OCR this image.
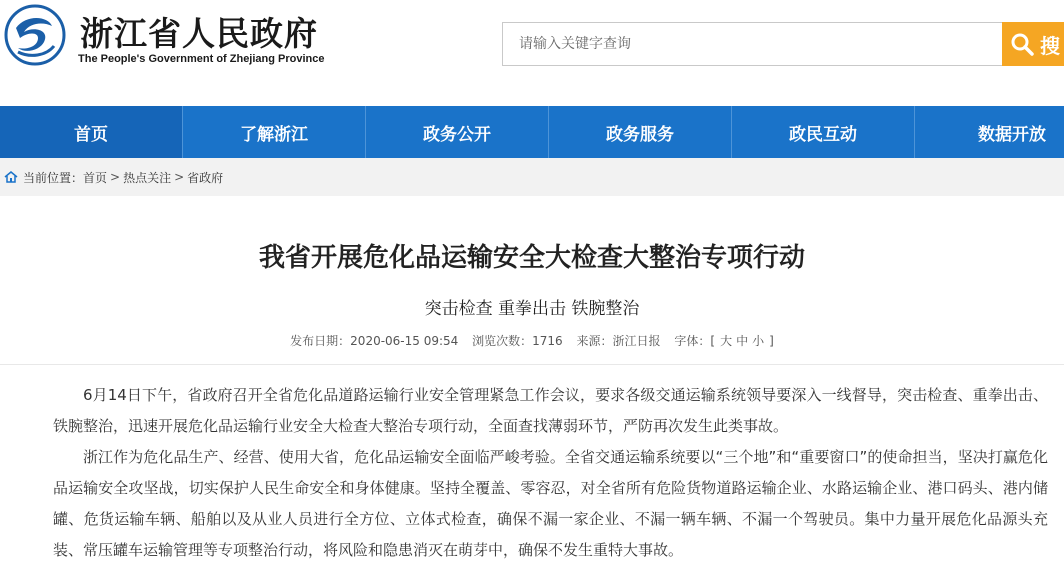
浙江省人民政府
The People's Government of Zhejiang Province
请输入关键字查询
搜
首页	了解浙江	政务公开	政务服务	政民互动	数据开放
当前位置： 首页 > 热点关注 > 省政府
我省开展危化品运输安全大检查大整治专项行动
突击检查 重拳出击 铁腕整治
发布日期：2020-06-15 09:54 浏览次数：1716 来源：浙江日报 字体：[ 大 中 小 ]

6月14日下午，省政府召开全省危化品道路运输行业安全管理紧急工作会议，要求各级交通运输系统领导要深入一线督导，突击检查、重拳出击、铁腕整治，迅速开展危化品运输行业安全大检查大整治专项行动，全面查找薄弱环节，严防再次发生此类事故。

浙江作为危化品生产、经营、使用大省，危化品运输安全面临严峻考验。全省交通运输系统要以“三个地”和“重要窗口”的使命担当，坚决打赢危化品运输安全攻坚战，切实保护人民生命安全和身体健康。坚持全覆盖、零容忍，对全省所有危险货物道路运输企业、水路运输企业、港口码头、港内储罐、危货运输车辆、船舶以及从业人员进行全方位、立体式检查，确保不漏一家企业、不漏一辆车辆、不漏一个驾驶员。集中力量开展危化品源头充装、常压罐车运输管理等专项整治行动，将风险和隐患消灭在萌芽中，确保不发生重特大事故。
